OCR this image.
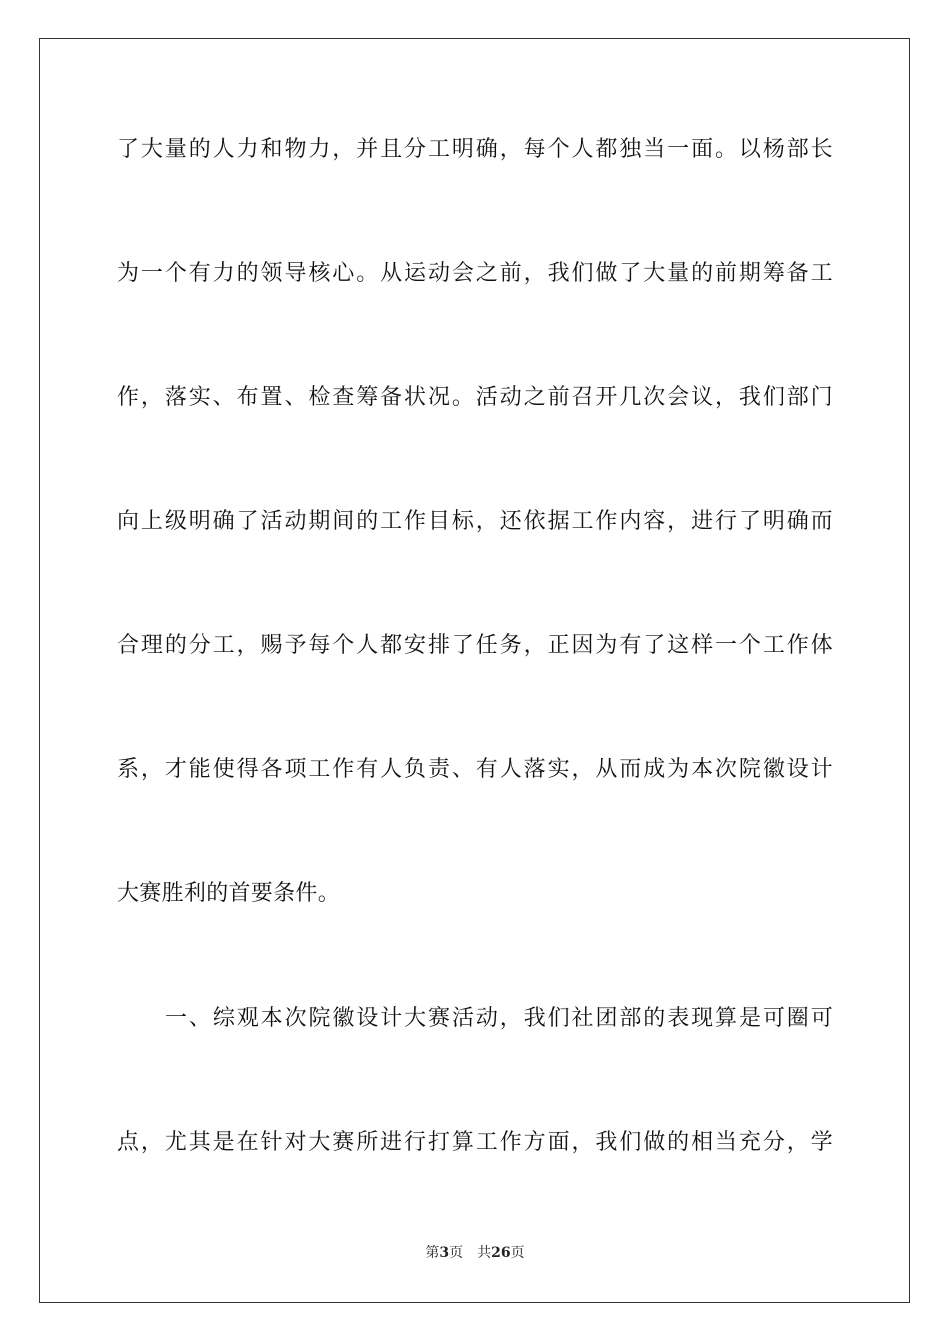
了大量的人力和物力，并且分工明确，每个人都独当一面。以杨部长
为一个有力的领导核心。从运动会之前，我们做了大量的前期筹备工
作，落实、布置、检查筹备状况。活动之前召开几次会议，我们部门
向上级明确了活动期间的工作目标，还依据工作内容，进行了明确而
合理的分工，赐予每个人都安排了任务，正因为有了这样一个工作体
系，才能使得各项工作有人负责、有人落实，从而成为本次院徽设计
大赛胜利的首要条件。
一、综观本次院徽设计大赛活动，我们社团部的表现算是可圈可
点，尤其是在针对大赛所进行打算工作方面，我们做的相当充分，学
第3页 共26页
